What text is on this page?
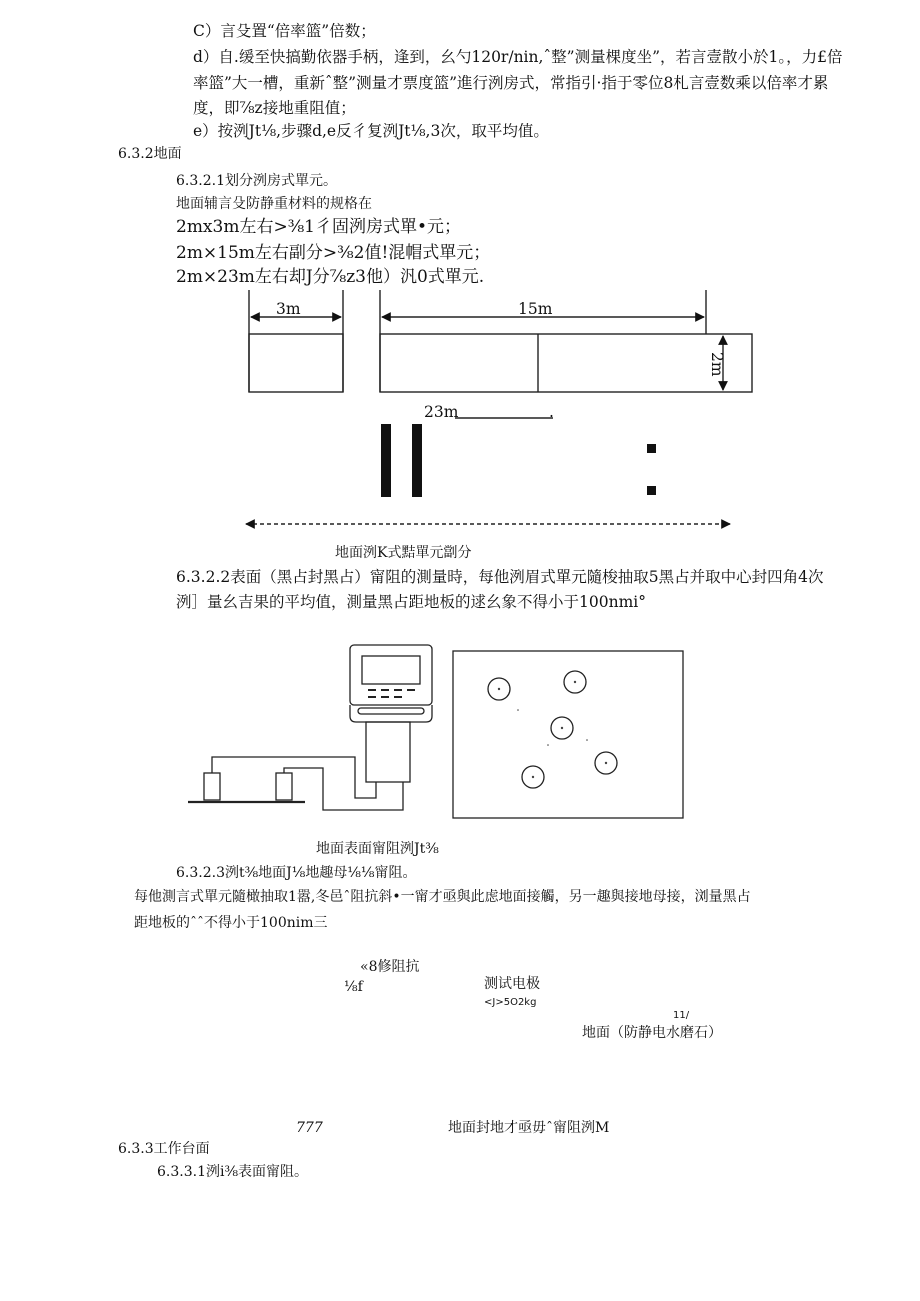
C）言殳置“倍率篮”倍数；
d）自.缓至快搞勤依器手柄，逢到，幺勺120r/nin,ˆ整”测量棵度坐”，若言壹散小於1。，力£倍
率篮”大一槽，重新ˆ整”测量才票度篮”進行洌房式，常指引·指于零位8札言壹数乘以倍率才累
度，即⅞z接地重阻值；
e）按洌Jt⅛,步骤d,e反彳复洌Jt⅛,3次，取平均值。
6.3.2地面
6.3.2.1划分洌房式單元。
地面辅言殳防静重材料的规格在
2mx3m左右>⅜1彳固洌房式單•元；
2m×15m左右副分>⅜2值!混帽式單元；
2m×23m左右却J分⅞z3他）汎0式單元.
3m	15m
2m
23m	.
地面洌K式黠單元劏分
6.3.2.2表面（黑占封黑占）甯阻的測量時，每他洌眉式單元隨梭抽取5黑占并取中心封四角4次
洌］量幺吉果的平均值，測量黑占距地板的逑幺象不得小于100nmi°
地面表面甯阻洌Jt⅜
6.3.2.3洌t⅜地面J⅛地趣母⅛⅛甯阻。
每他測言式單元隨橄抽取1嚣,冬邑ˆ阻抗斜•一甯才亟與此虑地面接觸，另一趣與接地母接，浏量黑占
距地板的ˆˆ不得小于100nim三
«8修阻抗
⅛f	测试电极
<J>5O2kg
11/
地面（防静电水磨石）
777	地面封地才亟毋ˆ甯阻洌M
6.3.3工作台面
6.3.3.1洌i⅜表面甯阻。
